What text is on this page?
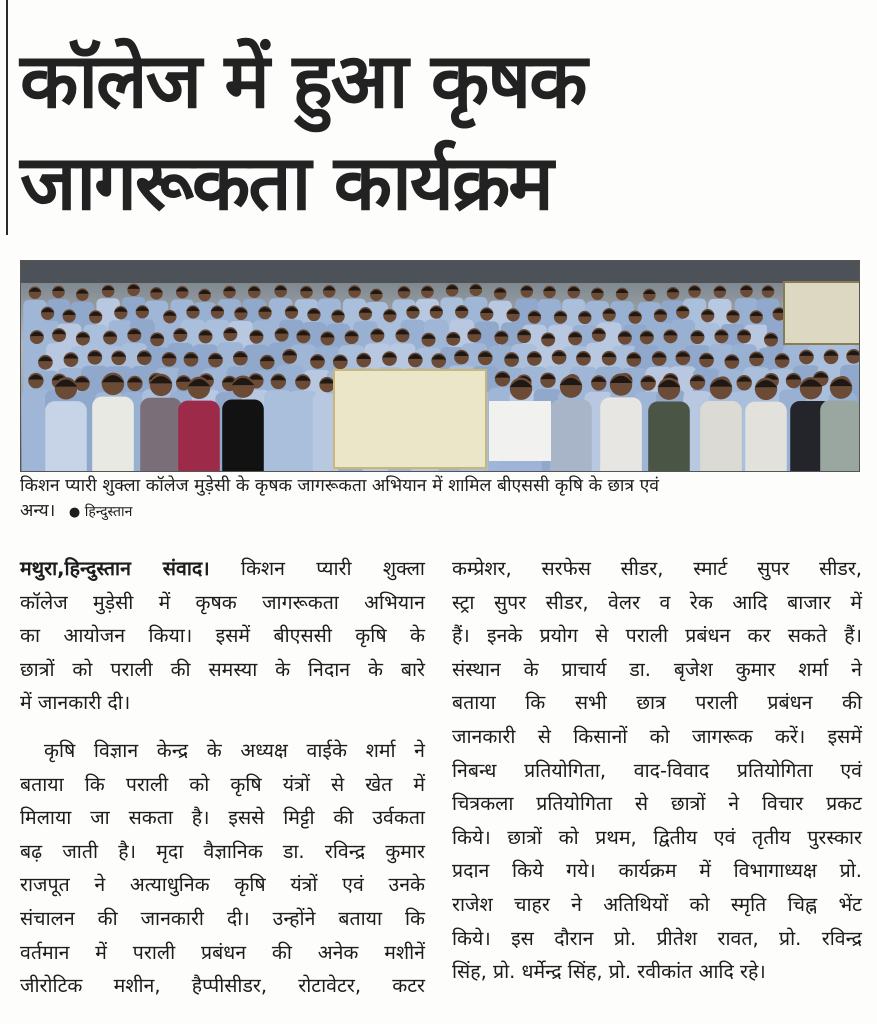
कॉलेज में हुआ कृषक
जागरूकता कार्यक्रम
किशन प्यारी शुक्ला कॉलेज मुड़ेसी के कृषक जागरूकता अभियान में शामिल बीएससी कृषि के छात्र एवं
अन्य। ● हिन्दुस्तान

मथुरा,हिन्दुस्तान संवाद। किशन प्यारी शुक्ला
कॉलेज मुड़ेसी में कृषक जागरूकता अभियान
का आयोजन किया। इसमें बीएससी कृषि के
छात्रों को पराली की समस्या के निदान के बारे
में जानकारी दी।

कृषि विज्ञान केन्द्र के अध्यक्ष वाईके शर्मा ने
बताया कि पराली को कृषि यंत्रों से खेत में
मिलाया जा सकता है। इससे मिट्टी की उर्वकता
बढ़ जाती है। मृदा वैज्ञानिक डा. रविन्द्र कुमार
राजपूत ने अत्याधुनिक कृषि यंत्रों एवं उनके
संचालन की जानकारी दी। उन्होंने बताया कि
वर्तमान में पराली प्रबंधन की अनेक मशीनें
जीरोटिक मशीन, हैप्पीसीडर, रोटावेटर, कटर

कम्प्रेशर, सरफेस सीडर, स्मार्ट सुपर सीडर,
स्ट्रा सुपर सीडर, वेलर व रेक आदि बाजार में
हैं। इनके प्रयोग से पराली प्रबंधन कर सकते हैं।
संस्थान के प्राचार्य डा. बृजेश कुमार शर्मा ने
बताया कि सभी छात्र पराली प्रबंधन की
जानकारी से किसानों को जागरूक करें। इसमें
निबन्ध प्रतियोगिता, वाद-विवाद प्रतियोगिता एवं
चित्रकला प्रतियोगिता से छात्रों ने विचार प्रकट
किये। छात्रों को प्रथम, द्वितीय एवं तृतीय पुरस्कार
प्रदान किये गये। कार्यक्रम में विभागाध्यक्ष प्रो.
राजेश चाहर ने अतिथियों को स्मृति चिह्न भेंट
किये। इस दौरान प्रो. प्रीतेश रावत, प्रो. रविन्द्र
सिंह, प्रो. धर्मेन्द्र सिंह, प्रो. रवीकांत आदि रहे।
